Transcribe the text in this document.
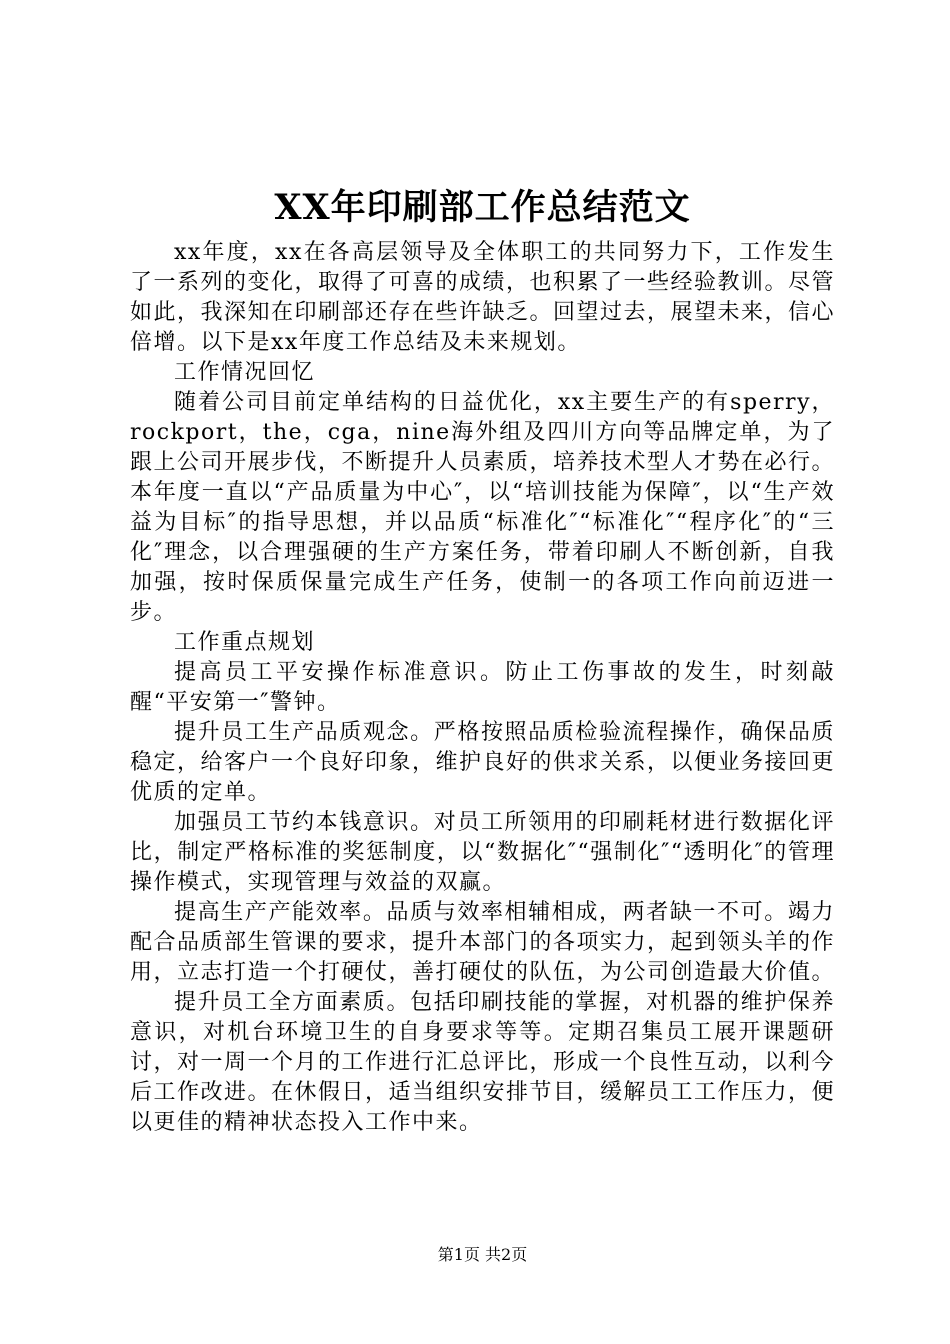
XX年印刷部工作总结范文

xx年度，xx在各高层领导及全体职工的共同努力下，工作发生了一系列的变化，取得了可喜的成绩，也积累了一些经验教训。尽管如此，我深知在印刷部还存在些许缺乏。回望过去，展望未来，信心倍增。以下是xx年度工作总结及未来规划。

工作情况回忆

随着公司目前定单结构的日益优化，xx主要生产的有sperry，rockport，the，cga，nine海外组及四川方向等品牌定单，为了跟上公司开展步伐，不断提升人员素质，培养技术型人才势在必行。本年度一直以“产品质量为中心″，以“培训技能为保障″，以“生产效益为目标″的指导思想，并以品质“标准化″“标准化″“程序化″的“三化″理念，以合理强硬的生产方案任务，带着印刷人不断创新，自我加强，按时保质保量完成生产任务，使制一的各项工作向前迈进一步。

工作重点规划

提高员工平安操作标准意识。防止工伤事故的发生，时刻敲醒“平安第一″警钟。

提升员工生产品质观念。严格按照品质检验流程操作，确保品质稳定，给客户一个良好印象，维护良好的供求关系，以便业务接回更优质的定单。

加强员工节约本钱意识。对员工所领用的印刷耗材进行数据化评比，制定严格标准的奖惩制度，以“数据化″“强制化″“透明化″的管理操作模式，实现管理与效益的双赢。

提高生产产能效率。品质与效率相辅相成，两者缺一不可。竭力配合品质部生管课的要求，提升本部门的各项实力，起到领头羊的作用，立志打造一个打硬仗，善打硬仗的队伍，为公司创造最大价值。

提升员工全方面素质。包括印刷技能的掌握，对机器的维护保养意识，对机台环境卫生的自身要求等等。定期召集员工展开课题研讨，对一周一个月的工作进行汇总评比，形成一个良性互动，以利今后工作改进。在休假日，适当组织安排节目，缓解员工工作压力，便以更佳的精神状态投入工作中来。

第1页 共2页
